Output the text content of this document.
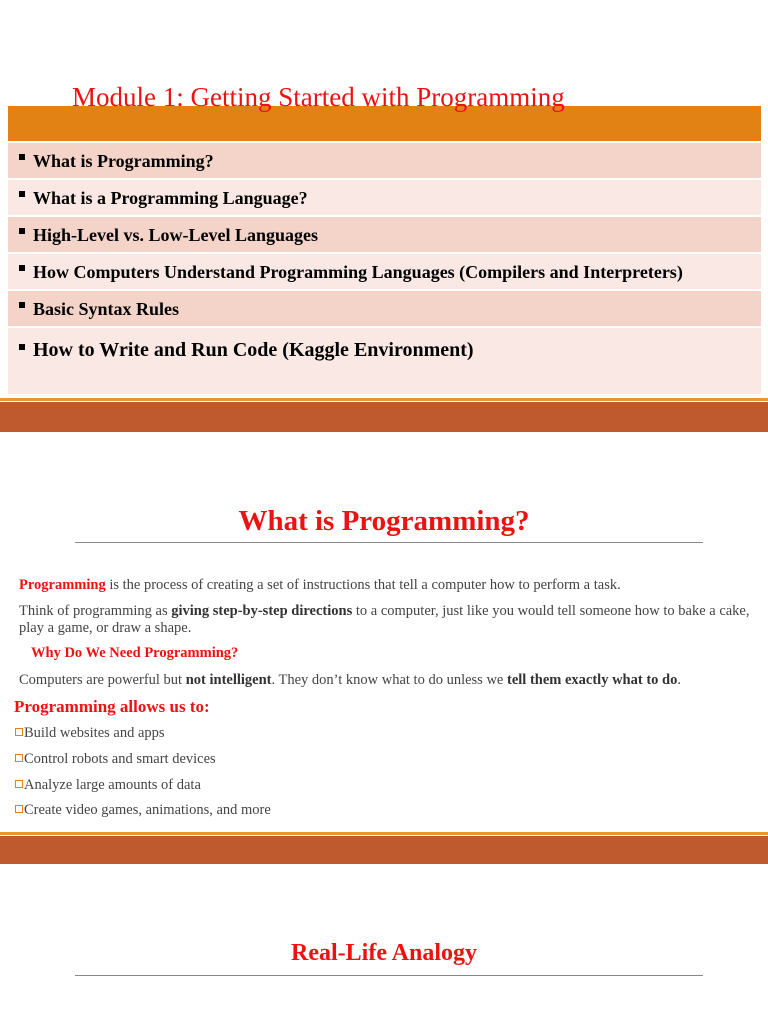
Module 1: Getting Started with Programming
What is Programming?
What is a Programming Language?
High-Level vs. Low-Level Languages
How Computers Understand Programming Languages (Compilers and Interpreters)
Basic Syntax Rules
How to Write and Run Code (Kaggle Environment)
What is Programming?
Programming is the process of creating a set of instructions that tell a computer how to perform a task.
Think of programming as giving step-by-step directions to a computer, just like you would tell someone how to bake a cake, play a game, or draw a shape.
Why Do We Need Programming?
Computers are powerful but not intelligent. They don’t know what to do unless we tell them exactly what to do.
Programming allows us to:
Build websites and apps
Control robots and smart devices
Analyze large amounts of data
Create video games, animations, and more
Real-Life Analogy
